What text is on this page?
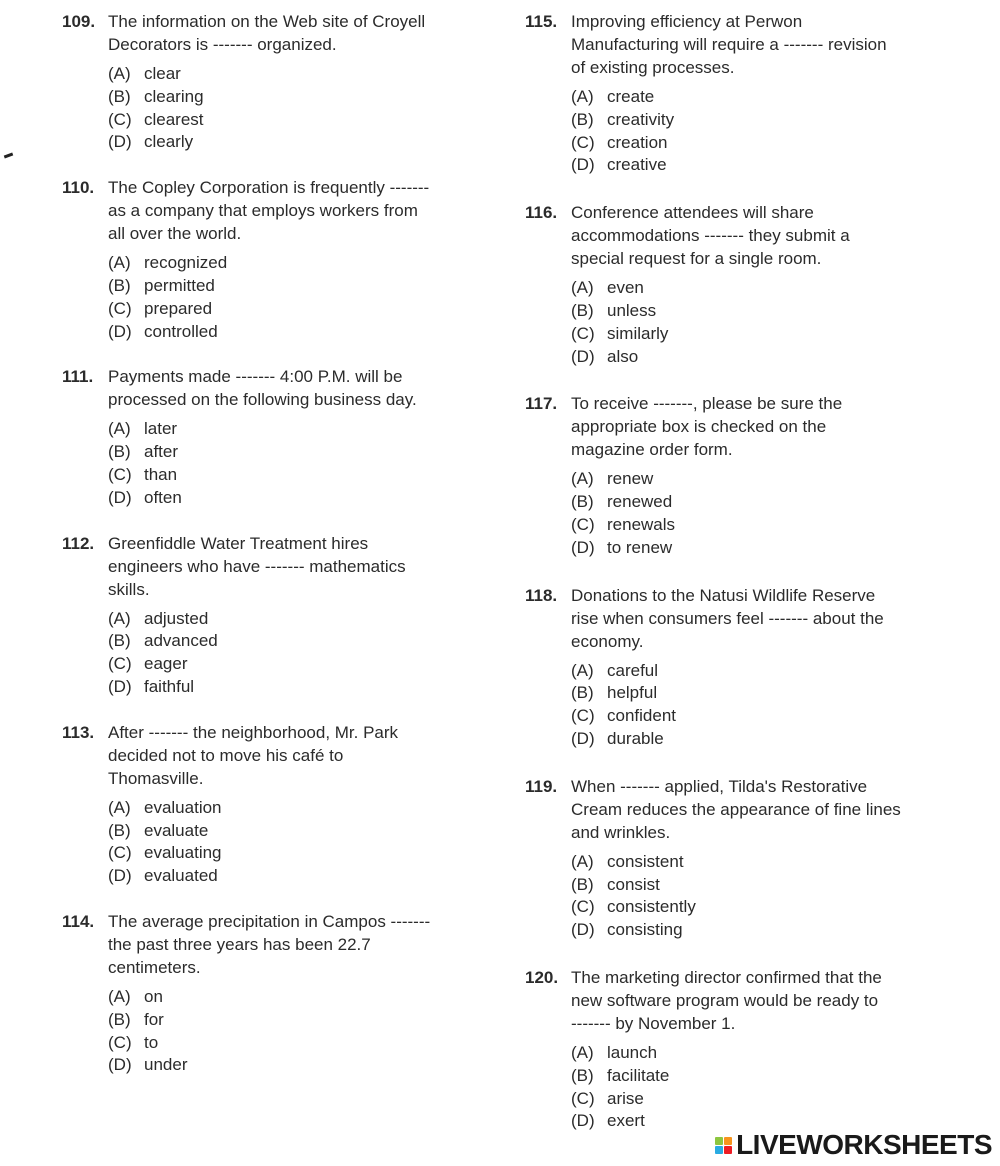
109. The information on the Web site of Croyell
Decorators is ------- organized.
(A) clear
(B) clearing
(C) clearest
(D) clearly
110. The Copley Corporation is frequently -------
as a company that employs workers from
all over the world.
(A) recognized
(B) permitted
(C) prepared
(D) controlled
111. Payments made ------- 4:00 P.M. will be
processed on the following business day.
(A) later
(B) after
(C) than
(D) often
112. Greenfiddle Water Treatment hires
engineers who have ------- mathematics
skills.
(A) adjusted
(B) advanced
(C) eager
(D) faithful
113. After ------- the neighborhood, Mr. Park
decided not to move his café to
Thomasville.
(A) evaluation
(B) evaluate
(C) evaluating
(D) evaluated
114. The average precipitation in Campos -------
the past three years has been 22.7
centimeters.
(A) on
(B) for
(C) to
(D) under
115. Improving efficiency at Perwon
Manufacturing will require a ------- revision
of existing processes.
(A) create
(B) creativity
(C) creation
(D) creative
116. Conference attendees will share
accommodations ------- they submit a
special request for a single room.
(A) even
(B) unless
(C) similarly
(D) also
117. To receive -------, please be sure the
appropriate box is checked on the
magazine order form.
(A) renew
(B) renewed
(C) renewals
(D) to renew
118. Donations to the Natusi Wildlife Reserve
rise when consumers feel ------- about the
economy.
(A) careful
(B) helpful
(C) confident
(D) durable
119. When ------- applied, Tilda's Restorative
Cream reduces the appearance of fine lines
and wrinkles.
(A) consistent
(B) consist
(C) consistently
(D) consisting
120. The marketing director confirmed that the
new software program would be ready to
------- by November 1.
(A) launch
(B) facilitate
(C) arise
(D) exert
LIVEWORKSHEETS
